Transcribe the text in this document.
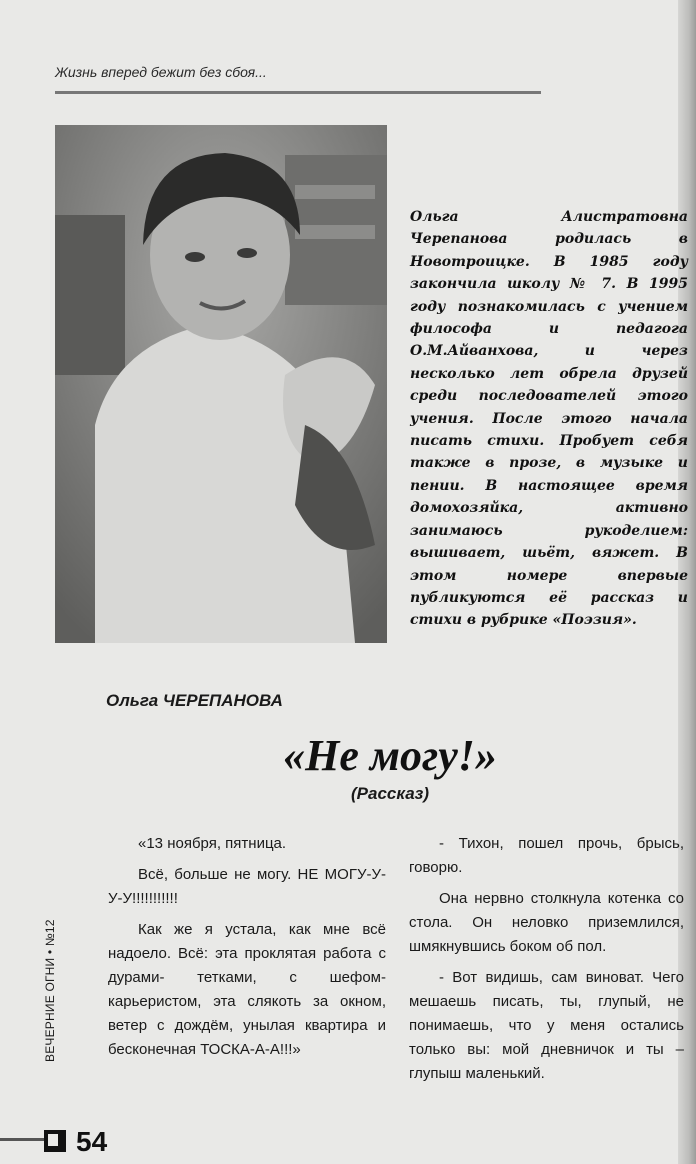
Жизнь вперед бежит без сбоя...
Ольга Алистратовна Черепанова родилась в Новотроицке. В 1985 году закончила школу № 7. В 1995 году познакомилась с учением философа и педагога О.М.Айванхова, и через несколько лет обрела друзей среди последователей этого учения. После этого начала писать стихи. Пробует себя также в прозе, в музыке и пении. В настоящее время домохозяйка, активно занимаюсь рукоделием: вышивает, шьёт, вяжет. В этом номере впервые публикуются её рассказ и стихи в рубрике «Поэзия».
Ольга ЧЕРЕПАНОВА
«Не могу!»
(Рассказ)

«13 ноября, пятница.

Всё, больше не могу. НЕ МОГУ-У-У-У!!!!!!!!!!!

Как же я устала, как мне всё надоело. Всё: эта проклятая работа с дурами- тетками, с шефом-карьеристом, эта слякоть за окном, ветер с дождём, унылая квартира и бесконечная ТОСКА-А-А!!!»

- Тихон, пошел прочь, брысь, говорю.

Она нервно столкнула котенка со стола. Он неловко приземлился, шмякнувшись боком об пол.

- Вот видишь, сам виноват. Чего мешаешь писать, ты, глупый, не понимаешь, что у меня остались только вы: мой дневничок и ты – глупыш маленький.

ВЕЧЕРНИЕ ОГНИ • №12
54
